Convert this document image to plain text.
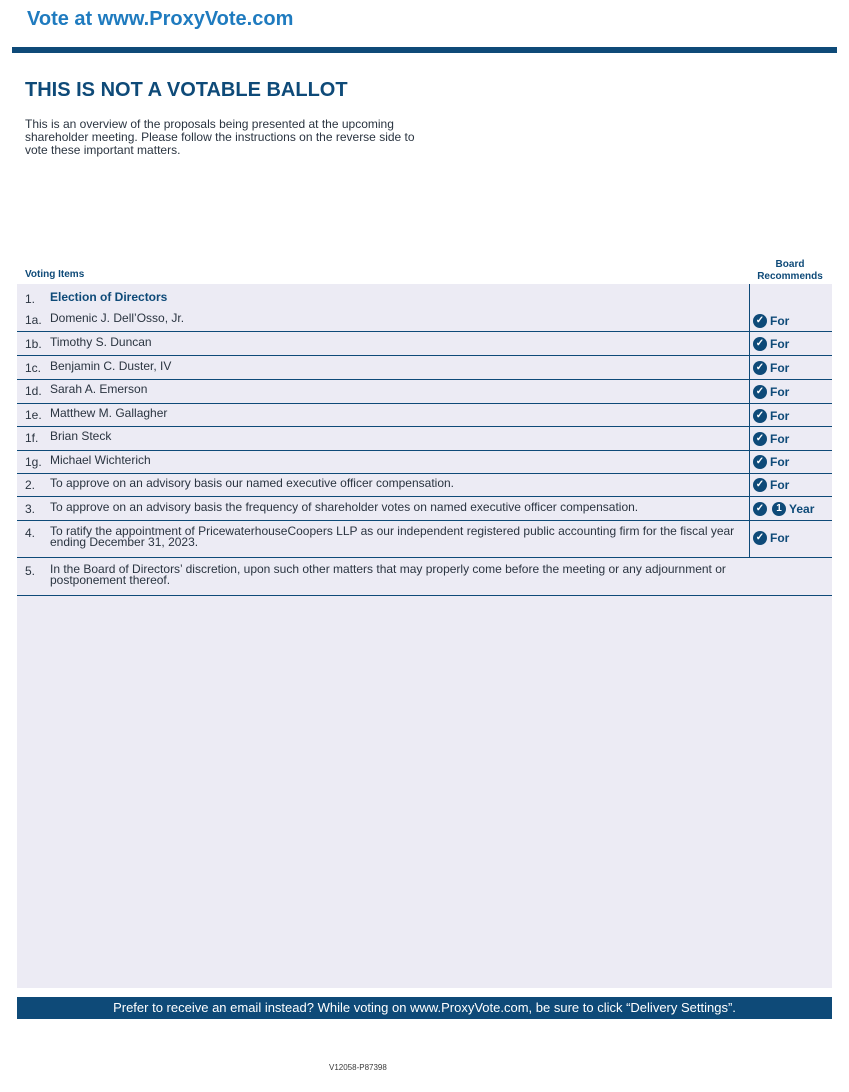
Vote at www.ProxyVote.com
THIS IS NOT A VOTABLE BALLOT
This is an overview of the proposals being presented at the upcoming shareholder meeting. Please follow the instructions on the reverse side to vote these important matters.
Voting Items
Board
Recommends
1. Election of Directors
1a. Domenic J. Dell’Osso, Jr.	✓ For
1b. Timothy S. Duncan	✓ For
1c. Benjamin C. Duster, IV	✓ For
1d. Sarah A. Emerson	✓ For
1e. Matthew M. Gallagher	✓ For
1f. Brian Steck	✓ For
1g. Michael Wichterich	✓ For
2. To approve on an advisory basis our named executive officer compensation.	✓ For
3. To approve on an advisory basis the frequency of shareholder votes on named executive officer compensation.	✓	1 Year
4. To ratify the appointment of PricewaterhouseCoopers LLP as our independent registered public accounting firm for the fiscal year ending December 31, 2023.	✓ For
5. In the Board of Directors’ discretion, upon such other matters that may properly come before the meeting or any adjournment or postponement thereof.
Prefer to receive an email instead? While voting on www.ProxyVote.com, be sure to click “Delivery Settings”.
V12058-P87398
